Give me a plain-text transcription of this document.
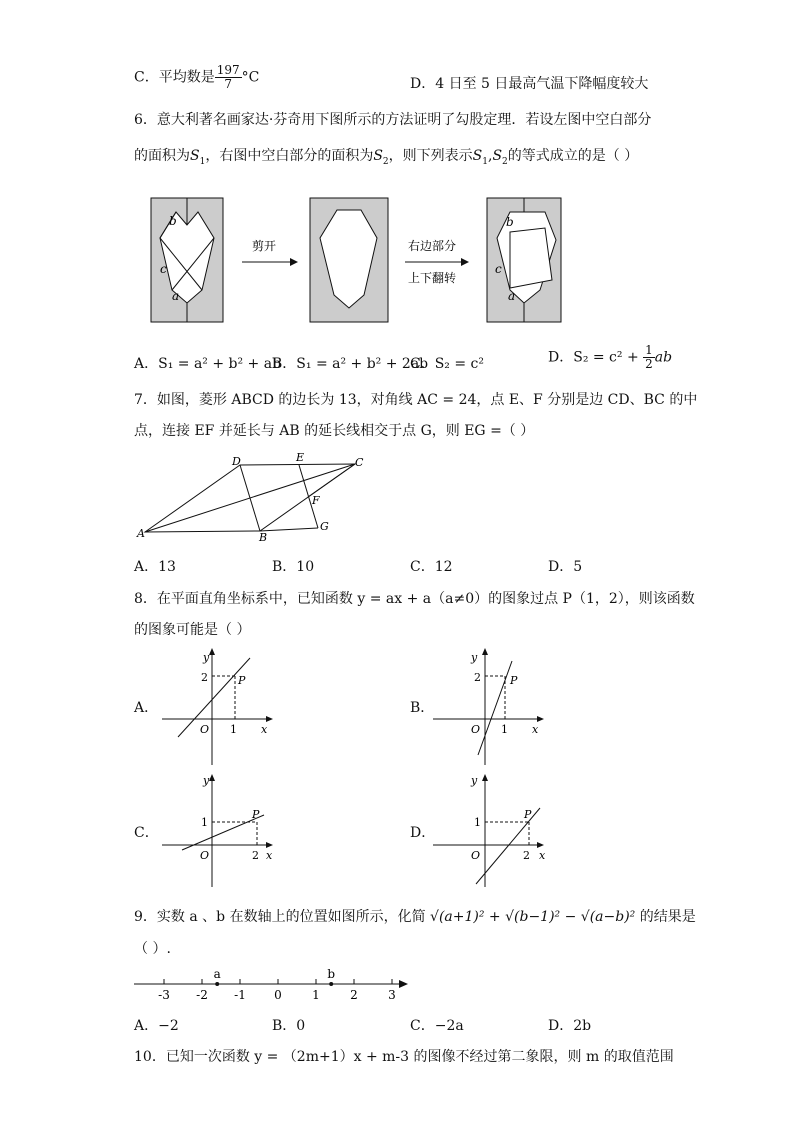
C．平均数是 $\frac{197}{7} ^\circ C$	D．4 日至 5 日最高气温下降幅度较大
6．意大利著名画家达·芬奇用下图所示的方法证明了勾股定理．若设左图中空白部分
的面积为$S_1$，右图中空白部分的面积为$S_2$，则下列表示$S_1,S_2$的等式成立的是（ ）
b
c
a
剪开	右边部分
上下翻转
b
c
a
A．S₁ = a² + b² + ab
B．S₁ = a² + b² + 2ab
C．S₂ = c²	D．$S_2 = c^2 + \frac{1}{2}$ ab
7．如图，菱形 ABCD 的边长为 13，对角线 AC = 24，点 E、F 分别是边 CD、BC 的中
点，连接 EF 并延长与 AB 的延长线相交于点 G，则 EG =（ ）
A	B
C
D	E
F
G
A．13	B．10	C．12	D．5
8．在平面直角坐标系中，已知函数 y = ax + a（a≠0）的图象过点 P（1，2），则该函数
的图象可能是（ ）
A．	B．
C．	D．
y
x
O
P
2
1
y
x
O
P
2
1
y
x
O
P
1
2
y
x
O
P
1
2
9．实数 a 、b 在数轴上的位置如图所示，化简 √(a+1)² + √(b−1)² − √(a−b)² 的结果是
（ ）.
-3 -2 -1 0	1	2	3
a	b
A．−2	B．0	C．−2a	D．2b
10．已知一次函数 y = （2m+1）x + m-3 的图像不经过第二象限，则 m 的取值范围
